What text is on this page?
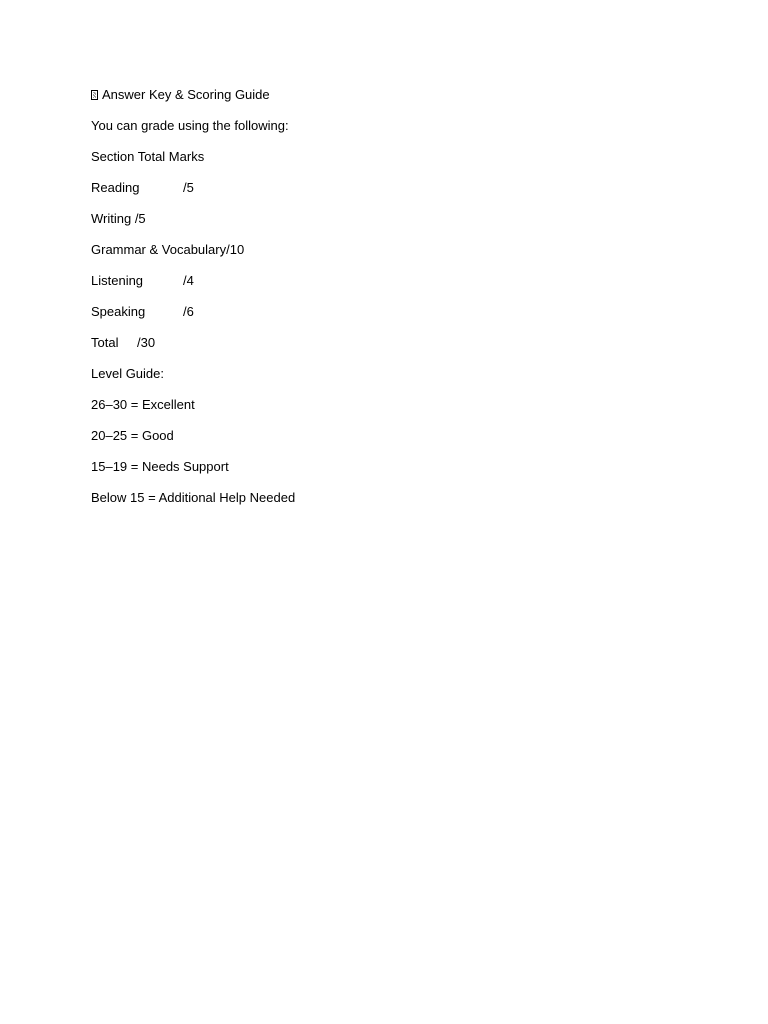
Answer Key & Scoring Guide
You can grade using the following:
Section Total Marks
Reading	/5
Writing /5
Grammar & Vocabulary/10
Listening	/4
Speaking	/6
Total /30
Level Guide:
26–30 = Excellent
20–25 = Good
15–19 = Needs Support
Below 15 = Additional Help Needed
